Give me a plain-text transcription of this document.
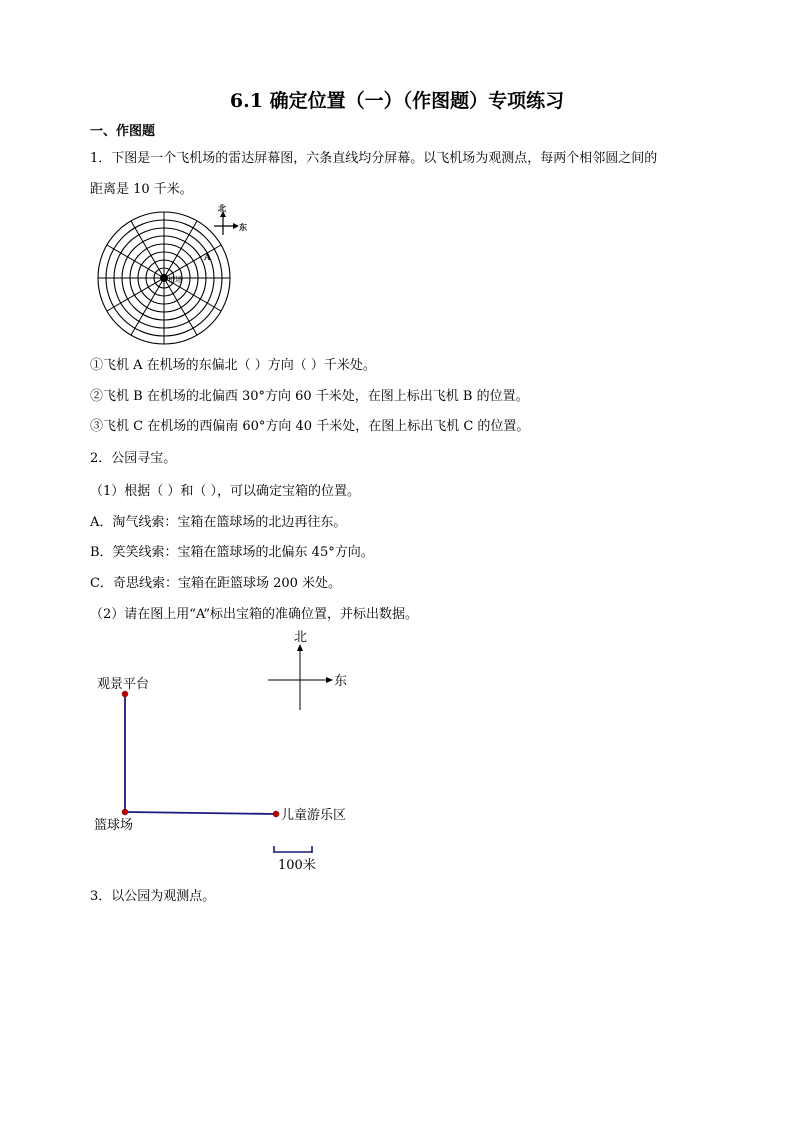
6.1 确定位置（一）（作图题）专项练习
一、作图题
1．下图是一个飞机场的雷达屏幕图，六条直线均分屏幕。以飞机场为观测点，每两个相邻圆之间的
距离是 10 千米。
机场
A
北
东
①飞机 A 在机场的东偏北（ ）方向（ ）千米处。
②飞机 B 在机场的北偏西 30°方向 60 千米处，在图上标出飞机 B 的位置。
③飞机 C 在机场的西偏南 60°方向 40 千米处，在图上标出飞机 C 的位置。
2．公园寻宝。
（1）根据（ ）和（ ），可以确定宝箱的位置。
A．淘气线索：宝箱在篮球场的北边再往东。
B．笑笑线索：宝箱在篮球场的北偏东 45°方向。
C．奇思线索：宝箱在距篮球场 200 米处。
（2）请在图上用“A”标出宝箱的准确位置，并标出数据。
北
东
观景平台
篮球场
儿童游乐区
100米
3．以公园为观测点。
